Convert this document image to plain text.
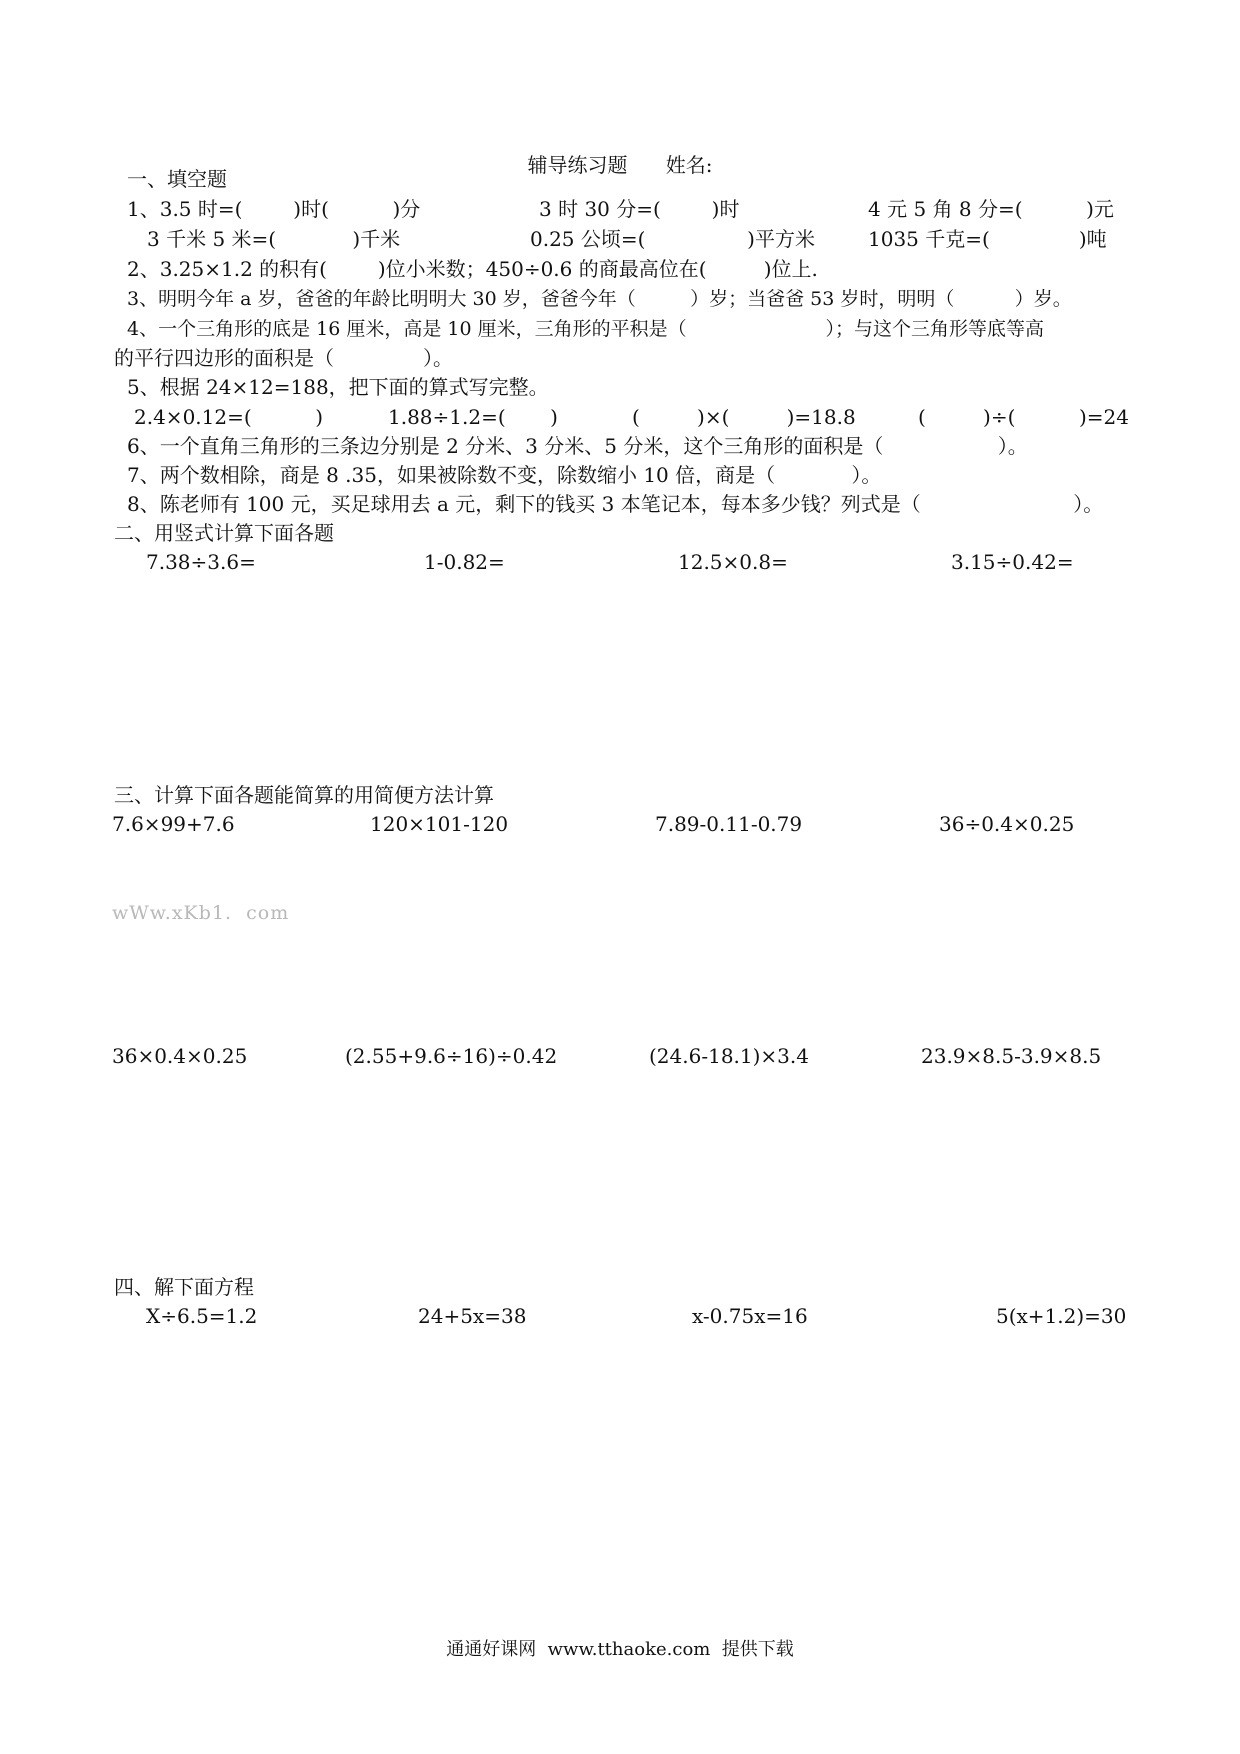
辅导练习题      姓名:
一、填空题
1、3.5 时=(        )时(          )分	3 时 30 分=(        )时	4 元 5 角 8 分=(          )元
3 千米 5 米=(            )千米	0.25 公顷=(                )平方米	1035 千克=(              )吨
2、3.25×1.2 的积有(        )位小米数；450÷0.6 的商最高位在(         )位上.
3、明明今年 a 岁，爸爸的年龄比明明大 30 岁，爸爸今年（         ）岁；当爸爸 53 岁时，明明（          ）岁。
4、一个三角形的底是 16 厘米，高是 10 厘米，三角形的平积是（                       ）；与这个三角形等底等高
的平行四边形的面积是（              ）。
5、根据 24×12=188，把下面的算式写完整。
2.4×0.12=(          )	1.88÷1.2=(       )	(         )×(         )=18.8	(         )÷(          )=24
6、一个直角三角形的三条边分别是 2 分米、3 分米、5 分米，这个三角形的面积是（                  ）。
7、两个数相除，商是 8 .35，如果被除数不变，除数缩小 10 倍，商是（            ）。
8、陈老师有 100 元，买足球用去 a 元，剩下的钱买 3 本笔记本，每本多少钱？列式是（                        ）。
二、用竖式计算下面各题
7.38÷3.6=	1-0.82=	12.5×0.8=	3.15÷0.42=
三、计算下面各题能简算的用简便方法计算
7.6×99+7.6	120×101-120	7.89-0.11-0.79	36÷0.4×0.25
wWw.xKb1.  com
36×0.4×0.25	(2.55+9.6÷16)÷0.42	(24.6-18.1)×3.4	23.9×8.5-3.9×8.5
四、解下面方程
X÷6.5=1.2	24+5x=38	x-0.75x=16	5(x+1.2)=30
通通好课网  www.tthaoke.com  提供下载
